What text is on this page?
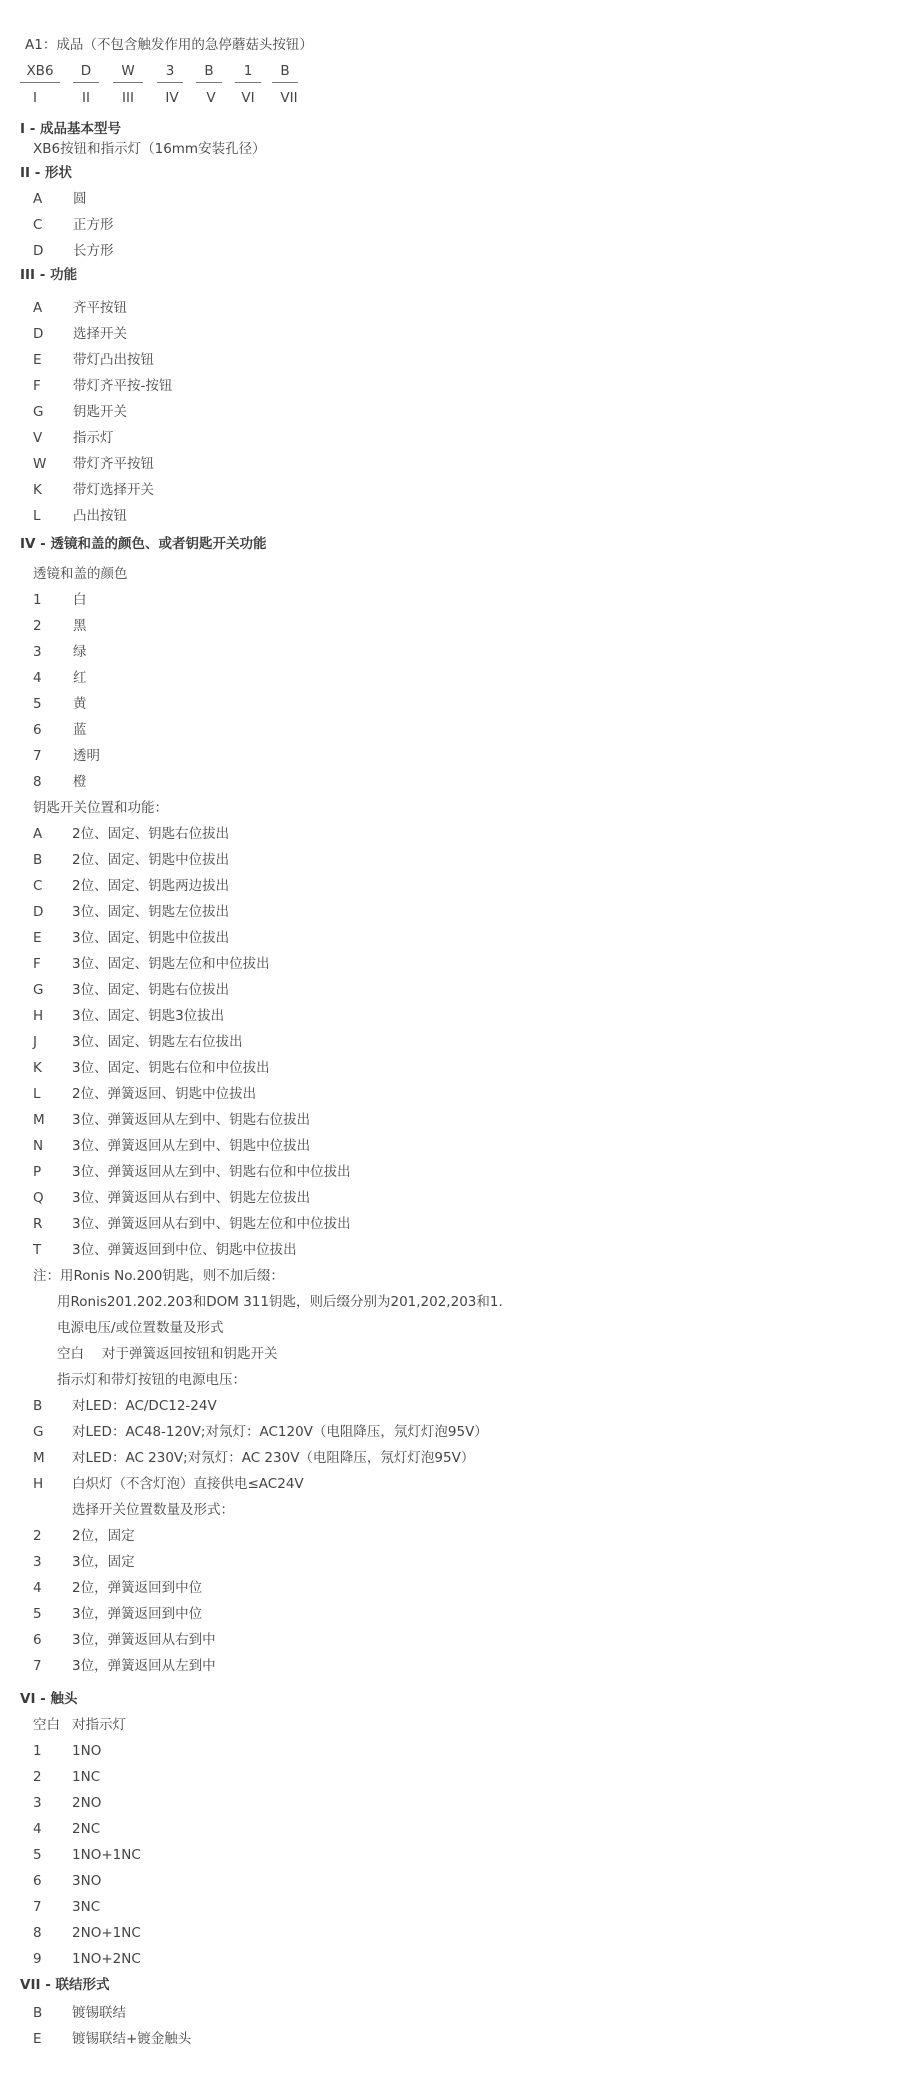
A1：成品（不包含触发作用的急停蘑菇头按钮）
XB6	D	W	3	B	1	B
I	II	III	IV	V	VI	VII
I - 成品基本型号
XB6按钮和指示灯（16mm安装孔径）
II - 形状
A 圆
C 正方形
D 长方形
III - 功能
A 齐平按钮
D 选择开关
E 带灯凸出按钮
F 带灯齐平按-按钮
G 钥匙开关
V 指示灯
W 带灯齐平按钮
K 带灯选择开关
L 凸出按钮
IV - 透镜和盖的颜色、或者钥匙开关功能
透镜和盖的颜色
1 白
2 黑
3 绿
4 红
5 黄
6 蓝
7 透明
8 橙
钥匙开关位置和功能：
A 2位、固定、钥匙右位拔出
B 2位、固定、钥匙中位拔出
C 2位、固定、钥匙两边拔出
D 3位、固定、钥匙左位拔出
E 3位、固定、钥匙中位拔出
F 3位、固定、钥匙左位和中位拔出
G 3位、固定、钥匙右位拔出
H 3位、固定、钥匙3位拔出
J	3位、固定、钥匙左右位拔出
K 3位、固定、钥匙右位和中位拔出
L 2位、弹簧返回、钥匙中位拔出
M 3位、弹簧返回从左到中、钥匙右位拔出
N 3位、弹簧返回从左到中、钥匙中位拔出
P 3位、弹簧返回从左到中、钥匙右位和中位拔出
Q 3位、弹簧返回从右到中、钥匙左位拔出
R 3位、弹簧返回从右到中、钥匙左位和中位拔出
T 3位、弹簧返回到中位、钥匙中位拔出
注：用Ronis No.200钥匙，则不加后缀：
用Ronis201.202.203和DOM 311钥匙，则后缀分别为201,202,203和1.
电源电压/或位置数量及形式
空白 对于弹簧返回按钮和钥匙开关
指示灯和带灯按钮的电源电压：
B 对LED：AC/DC12-24V
G 对LED：AC48-120V;对氖灯：AC120V（电阻降压，氖灯灯泡95V）
M 对LED：AC 230V;对氖灯：AC 230V（电阻降压，氖灯灯泡95V）
H 白炽灯（不含灯泡）直接供电≤AC24V
选择开关位置数量及形式：
2 2位，固定
3 3位，固定
4 2位，弹簧返回到中位
5 3位，弹簧返回到中位
6 3位，弹簧返回从右到中
7 3位，弹簧返回从左到中
VI - 触头
空白 对指示灯
1 1NO
2 1NC
3 2NO
4 2NC
5 1NO+1NC
6 3NO
7 3NC
8 2NO+1NC
9 1NO+2NC
VII - 联结形式
B 镀锡联结
E 镀锡联结+镀金触头
